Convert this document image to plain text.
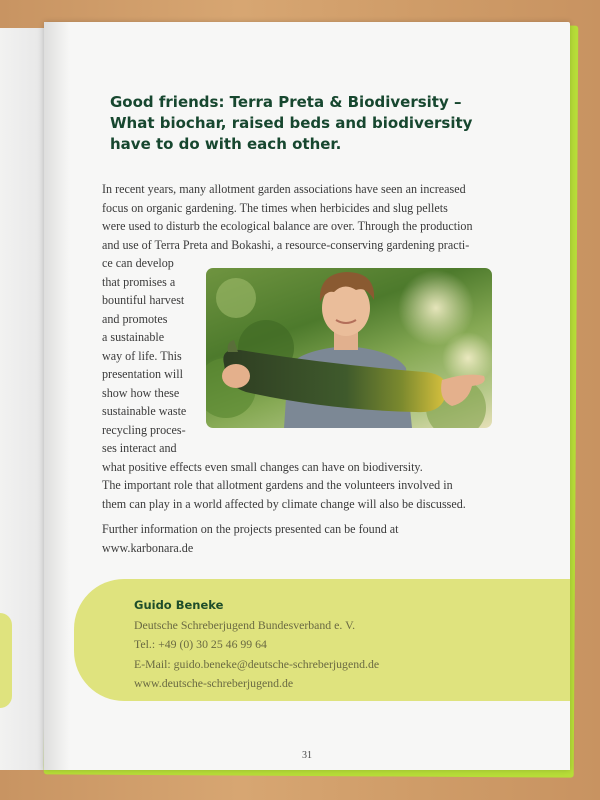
Good friends: Terra Preta & Biodiversity –
What biochar, raised beds and biodiversity
have to do with each other.
In recent years, many allotment garden associations have seen an increased
focus on organic gardening. The times when herbicides and slug pellets
were used to disturb the ecological balance are over. Through the production
and use of Terra Preta and Bokashi, a resource-conserving gardening practi-
ce can develop
that promises a
bountiful harvest
and promotes
a sustainable
way of life. This
presentation will
show how these
sustainable waste
recycling proces-
ses interact and
what positive effects even small changes can have on biodiversity.
The important role that allotment gardens and the volunteers involved in
them can play in a world affected by climate change will also be discussed.
Further information on the projects presented can be found at
www.karbonara.de
Guido Beneke
Deutsche Schreberjugend Bundesverband e. V.
Tel.: +49 (0) 30 25 46 99 64
E-Mail: guido.beneke@deutsche-schreberjugend.de
www.deutsche-schreberjugend.de
31
